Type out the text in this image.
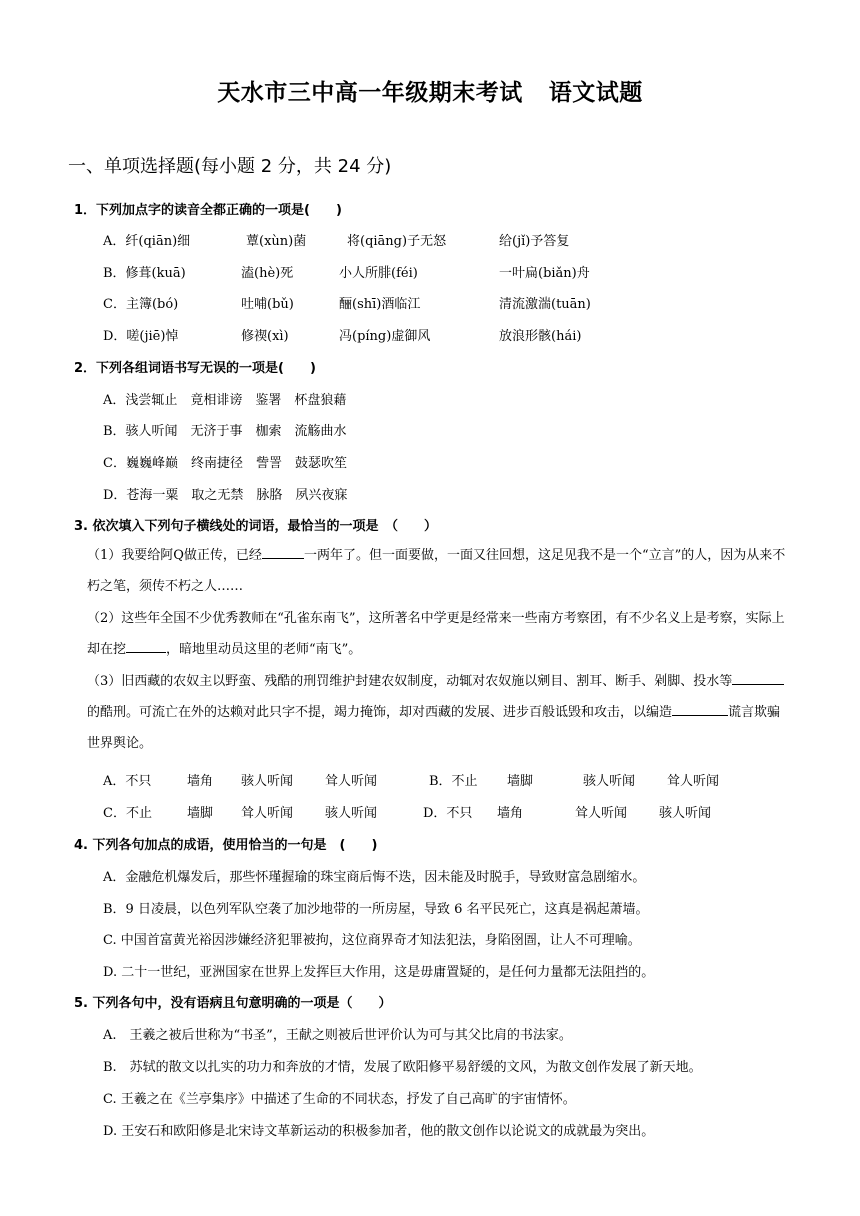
天水市三中高一年级期末考试 语文试题
一、单项选择题(每小题 2 分，共 24 分)
1．下列加点字的读音全都正确的一项是(　　)
A．纤(qiān)细	蕈(xùn)菌	将(qiāng)子无怒	给(jǐ)予答复
B．修葺(kuā)	溘(hè)死	小人所腓(féi)	一叶扁(biǎn)舟
C．主簿(bó)	吐哺(bǔ)	酾(shī)酒临江	清流激湍(tuān)
D．嗟(jiē)悼	修禊(xì)	冯(píng)虚御风	放浪形骸(hái)
2．下列各组词语书写无误的一项是(　　)
A．浅尝辄止　竟相诽谤　鉴署　杯盘狼藉
B．骇人听闻　无济于事　枷索　流觞曲水
C．巍巍峰巅　终南捷径　訾詈　鼓瑟吹笙
D．苍海一粟　取之无禁　脉胳　夙兴夜寐
3. 依次填入下列句子横线处的词语，最恰当的一项是　（　　）
（1）我要给阿Q做正传，已经	一两年了。但一面要做，一面又往回想，这足见我不是一个“立言”的人，因为从来不朽之笔，须传不朽之人……
（2）这些年全国不少优秀教师在“孔雀东南飞”，这所著名中学更是经常来一些南方考察团，有不少名义上是考察，实际上却在挖	，暗地里动员这里的老师“南飞”。
（3）旧西藏的农奴主以野蛮、残酷的刑罚维护封建农奴制度，动辄对农奴施以剜目、割耳、断手、剁脚、投水等的酷刑。可流亡在外的达赖对此只字不提，竭力掩饰，却对西藏的发展、进步百般诋毁和攻击，以编造	谎言欺骗世界舆论。
A．不只	墙角 骇人听闻 耸人听闻	B．不止 墙脚	骇人听闻 耸人听闻
C．不止	墙脚 耸人听闻 骇人听闻	D．不只 墙角	耸人听闻 骇人听闻
4. 下列各句加点的成语，使用恰当的一句是　(　　)
A．金融危机爆发后，那些怀瑾握瑜的珠宝商后悔不迭，因未能及时脱手，导致财富急剧缩水。
B．9 日凌晨，以色列军队空袭了加沙地带的一所房屋，导致 6 名平民死亡，这真是祸起萧墙。
C. 中国首富黄光裕因涉嫌经济犯罪被拘，这位商界奇才知法犯法，身陷囹圄，让人不可理喻。
D. 二十一世纪，亚洲国家在世界上发挥巨大作用，这是毋庸置疑的，是任何力量都无法阻挡的。
5. 下列各句中，没有语病且句意明确的一项是（　　）
A.　王羲之被后世称为“书圣”，王献之则被后世评价认为可与其父比肩的书法家。
B.　苏轼的散文以扎实的功力和奔放的才情，发展了欧阳修平易舒缓的文风，为散文创作发展了新天地。
C. 王羲之在《兰亭集序》中描述了生命的不同状态，抒发了自己高旷的宇宙情怀。
D. 王安石和欧阳修是北宋诗文革新运动的积极参加者，他的散文创作以论说文的成就最为突出。
